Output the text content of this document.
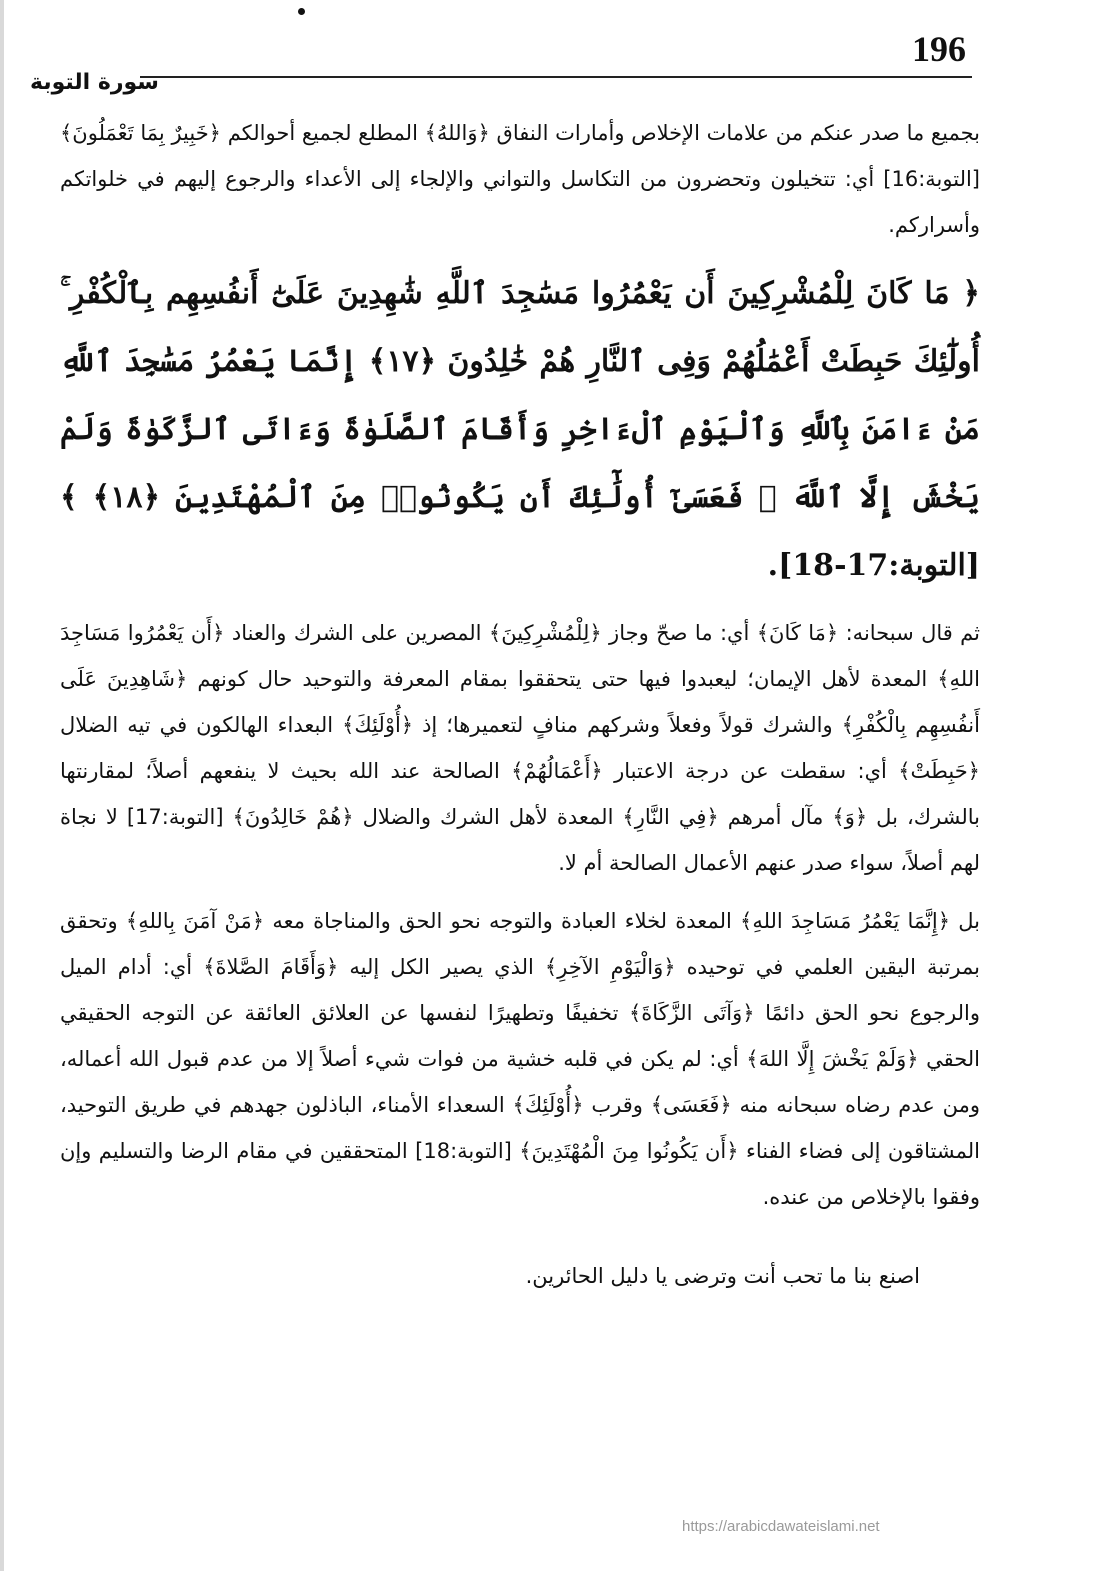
196
سورة التوبة

بجميع ما صدر عنكم من علامات الإخلاص وأمارات النفاق ﴿وَاللهُ﴾ المطلع لجميع أحوالكم ﴿خَبِيرٌ بِمَا تَعْمَلُونَ﴾ [التوبة:16] أي: تتخيلون وتحضرون من التكاسل والتواني والإلجاء إلى الأعداء والرجوع إليهم في خلواتكم وأسراركم.

﴿ مَا كَانَ لِلْمُشْرِكِينَ أَن يَعْمُرُوا مَسَٰجِدَ ٱللَّهِ شَٰهِدِينَ عَلَىٰٓ أَنفُسِهِم بِٱلْكُفْرِ ۚ أُولَٰٓئِكَ حَبِطَتْ أَعْمَٰلُهُمْ وَفِى ٱلنَّارِ هُمْ خَٰلِدُونَ ﴿١٧﴾ إِنَّمَا يَعْمُرُ مَسَٰجِدَ ٱللَّهِ مَنْ ءَامَنَ بِٱللَّهِ وَٱلْيَوْمِ ٱلْءَاخِرِ وَأَقَامَ ٱلصَّلَوٰةَ وَءَاتَى ٱلزَّكَوٰةَ وَلَمْ يَخْشَ إِلَّا ٱللَّهَ ۖ فَعَسَىٰٓ أُولَٰٓئِكَ أَن يَكُونُوا۟ مِنَ ٱلْمُهْتَدِينَ ﴿١٨﴾ ﴾ [التوبة:17-18].

ثم قال سبحانه: ﴿مَا كَانَ﴾ أي: ما صحّ وجاز ﴿لِلْمُشْرِكِينَ﴾ المصرين على الشرك والعناد ﴿أَن يَعْمُرُوا مَسَاجِدَ اللهِ﴾ المعدة لأهل الإيمان؛ ليعبدوا فيها حتى يتحققوا بمقام المعرفة والتوحيد حال كونهم ﴿شَاهِدِينَ عَلَى أَنفُسِهِم بِالْكُفْرِ﴾ والشرك قولاً وفعلاً وشركهم منافٍ لتعميرها؛ إذ ﴿أُوْلَئِكَ﴾ البعداء الهالكون في تيه الضلال ﴿حَبِطَتْ﴾ أي: سقطت عن درجة الاعتبار ﴿أَعْمَالُهُمْ﴾ الصالحة عند الله بحيث لا ينفعهم أصلاً؛ لمقارنتها بالشرك، بل ﴿وَ﴾ مآل أمرهم ﴿فِي النَّارِ﴾ المعدة لأهل الشرك والضلال ﴿هُمْ خَالِدُونَ﴾ [التوبة:17] لا نجاة لهم أصلاً، سواء صدر عنهم الأعمال الصالحة أم لا.

بل ﴿إِنَّمَا يَعْمُرُ مَسَاجِدَ اللهِ﴾ المعدة لخلاء العبادة والتوجه نحو الحق والمناجاة معه ﴿مَنْ آمَنَ بِاللهِ﴾ وتحقق بمرتبة اليقين العلمي في توحيده ﴿وَالْيَوْمِ الآخِرِ﴾ الذي يصير الكل إليه ﴿وَأَقَامَ الصَّلاةَ﴾ أي: أدام الميل والرجوع نحو الحق دائمًا ﴿وَآتَى الزَّكَاةَ﴾ تخفيفًا وتطهيرًا لنفسها عن العلائق العائقة عن التوجه الحقيقي الحقي ﴿وَلَمْ يَخْشَ إِلَّا اللهَ﴾ أي: لم يكن في قلبه خشية من فوات شيء أصلاً إلا من عدم قبول الله أعماله، ومن عدم رضاه سبحانه منه ﴿فَعَسَى﴾ وقرب ﴿أُوْلَئِكَ﴾ السعداء الأمناء، الباذلون جهدهم في طريق التوحيد، المشتاقون إلى فضاء الفناء ﴿أَن يَكُونُوا مِنَ الْمُهْتَدِينَ﴾ [التوبة:18] المتحققين في مقام الرضا والتسليم وإن وفقوا بالإخلاص من عنده.

اصنع بنا ما تحب أنت وترضى يا دليل الحائرين.

https://arabicdawateislami.net
